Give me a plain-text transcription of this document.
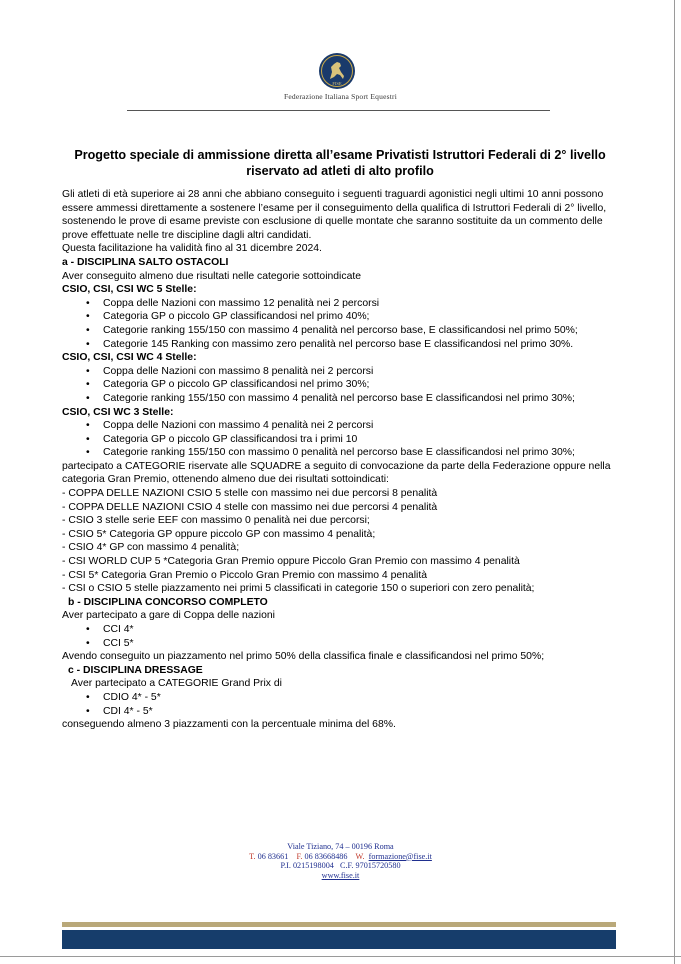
FISE
Federazione Italiana Sport Equestri
Progetto speciale di ammissione diretta all’esame Privatisti Istruttori Federali di 2° livello riservato ad atleti di alto profilo

Gli atleti di età superiore ai 28 anni che abbiano conseguito i seguenti traguardi agonistici negli ultimi 10 anni possono essere ammessi direttamente a sostenere l’esame per il conseguimento della qualifica di Istruttori Federali di 2° livello, sostenendo le prove di esame previste con esclusione di quelle montate che saranno sostituite da un commento delle prove effettuate nelle tre discipline dagli altri candidati.

Questa facilitazione ha validità fino al 31 dicembre 2024.

a - DISCIPLINA SALTO OSTACOLI

Aver conseguito almeno due risultati nelle categorie sottoindicate

CSIO, CSI, CSI WC 5 Stelle:

• Coppa delle Nazioni con massimo 12 penalità nei 2 percorsi
• Categoria GP o piccolo GP classificandosi nel primo 40%;
• Categorie ranking 155/150 con massimo 4 penalità nel percorso base, E classificandosi nel primo 50%;
• Categorie 145 Ranking con massimo zero penalità nel percorso base E classificandosi nel primo 30%.

CSIO, CSI, CSI WC 4 Stelle:

• Coppa delle Nazioni con massimo 8 penalità nei 2 percorsi
• Categoria GP o piccolo GP classificandosi nel primo 30%;
• Categorie ranking 155/150 con massimo 4 penalità nel percorso base E classificandosi nel primo 30%;

CSIO, CSI WC 3 Stelle:

• Coppa delle Nazioni con massimo 4 penalità nei 2 percorsi
• Categoria GP o piccolo GP classificandosi tra i primi 10
• Categorie ranking 155/150 con massimo 0 penalità nel percorso base E classificandosi nel primo 30%;

partecipato a CATEGORIE riservate alle SQUADRE a seguito di convocazione da parte della Federazione oppure nella categoria Gran Premio, ottenendo almeno due dei risultati sottoindicati:

- COPPA DELLE NAZIONI CSIO 5 stelle con massimo nei due percorsi 8 penalità

- COPPA DELLE NAZIONI CSIO 4 stelle con massimo nei due percorsi 4 penalità

- CSIO 3 stelle serie EEF con massimo 0 penalità nei due percorsi;

- CSIO 5* Categoria GP oppure piccolo GP con massimo 4 penalità;

- CSIO 4* GP con massimo 4 penalità;

- CSI WORLD CUP 5 *Categoria Gran Premio oppure Piccolo Gran Premio con massimo 4 penalità

- CSI 5* Categoria Gran Premio o Piccolo Gran Premio con massimo 4 penalità

- CSI o CSIO 5 stelle piazzamento nei primi 5 classificati in categorie 150 o superiori con zero penalità;

b - DISCIPLINA CONCORSO COMPLETO

Aver partecipato a gare di Coppa delle nazioni

• CCI 4*
• CCI 5*

Avendo conseguito un piazzamento nel primo 50% della classifica finale e classificandosi nel primo 50%;

c - DISCIPLINA DRESSAGE

Aver partecipato a CATEGORIE Grand Prix di

• CDIO 4* - 5*
• CDI 4* - 5*

conseguendo almeno 3 piazzamenti con la percentuale minima del 68%.

Viale Tiziano, 74 – 00196 Roma
T. 06 83661 F. 06 83668486 W. formazione@fise.it
P.I. 0215198004 C.F. 97015720580
www.fise.it
